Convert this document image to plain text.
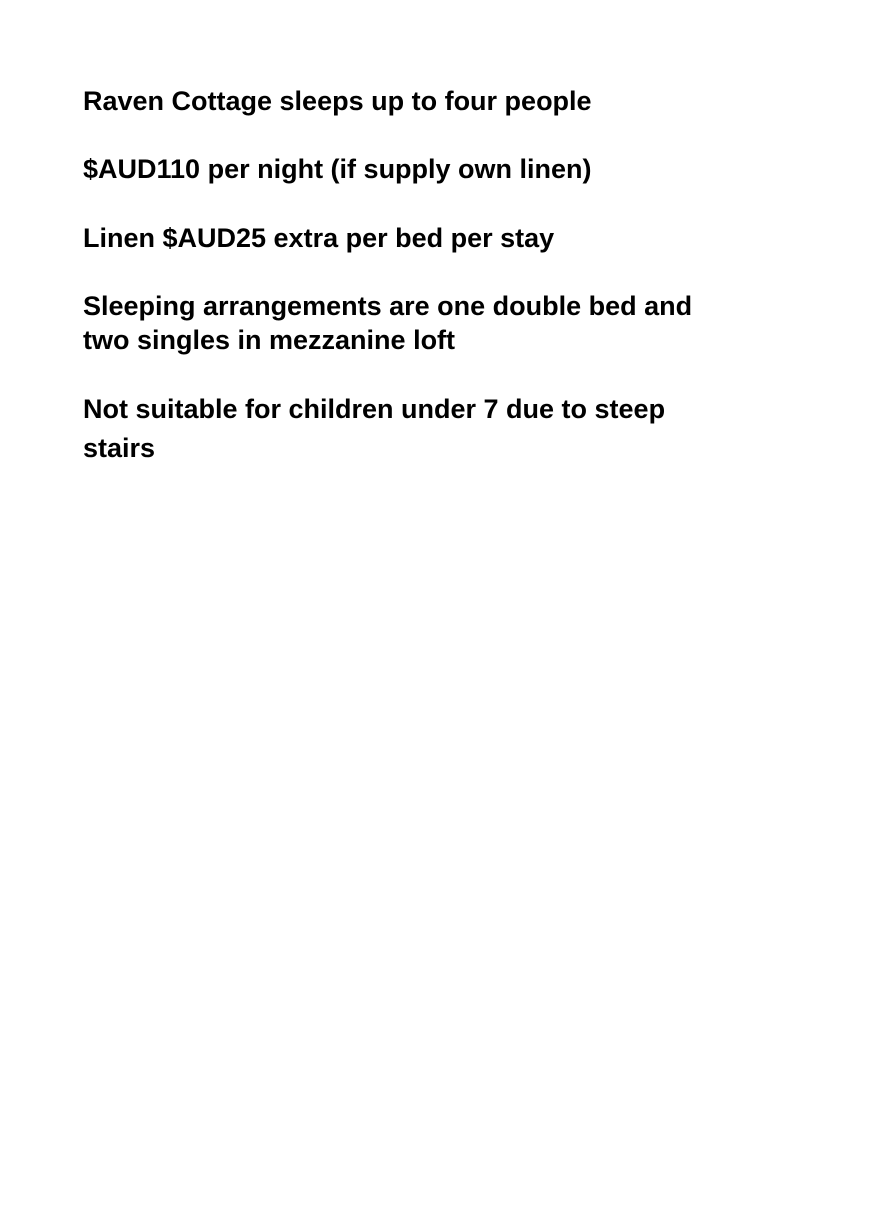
Raven Cottage sleeps up to four people

$AUD110 per night (if supply own linen)

Linen $AUD25 extra per bed per stay

Sleeping arrangements are one double bed and
two singles in mezzanine loft

Not suitable for children under 7 due to steep
stairs
